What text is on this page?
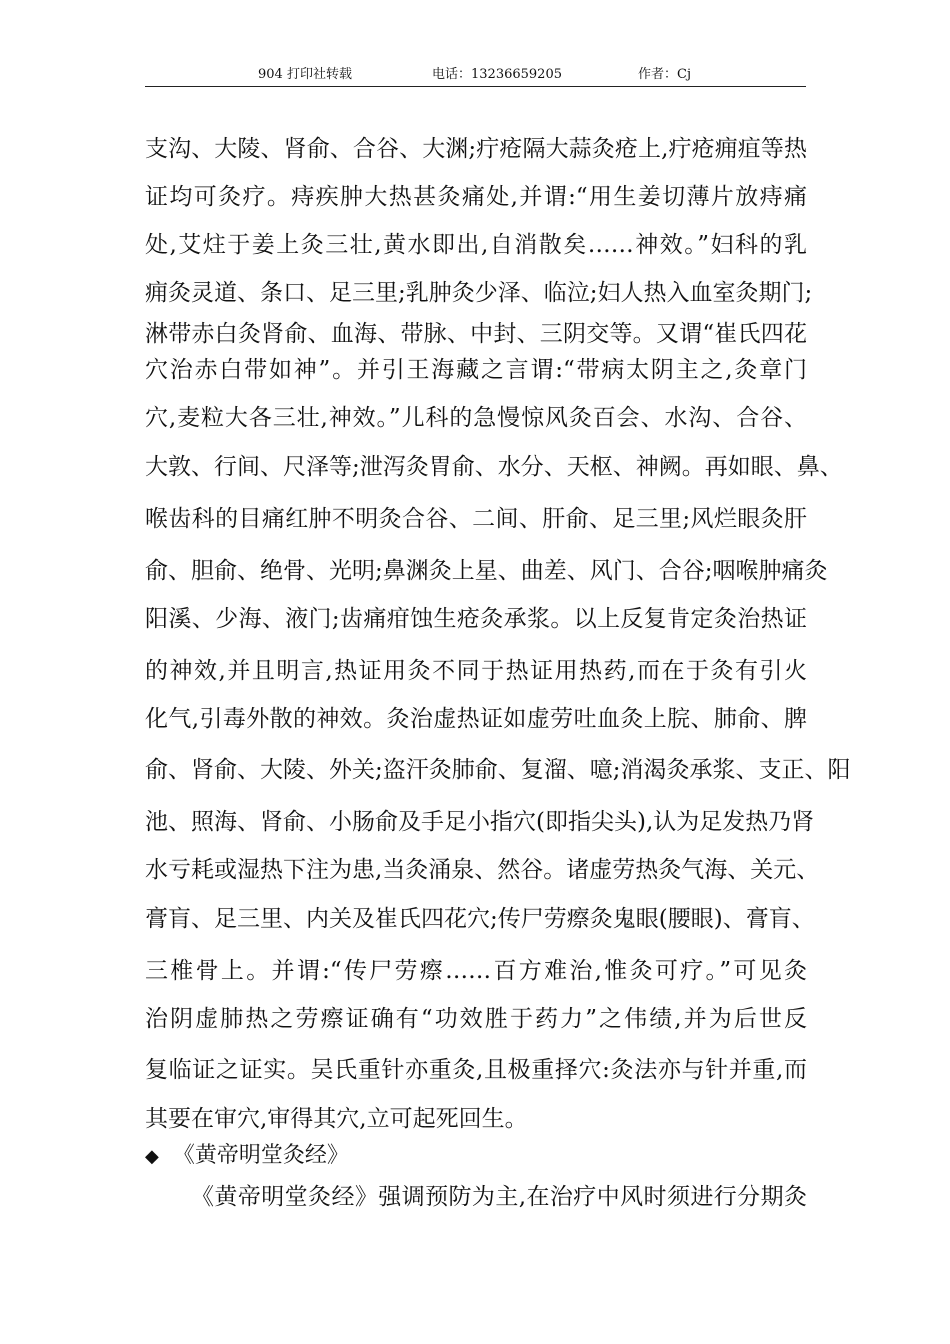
904 打印社转载	电话：13236659205	作者：Cj
支沟、大陵、肾俞、合谷、大渊;疔疮隔大蒜灸疮上,疔疮痈疽等热
证均可灸疗。痔疾肿大热甚灸痛处,并谓:“用生姜切薄片放痔痛
处,艾炷于姜上灸三壮,黄水即出,自消散矣……神效。”妇科的乳
痈灸灵道、条口、足三里;乳肿灸少泽、临泣;妇人热入血室灸期门;
淋带赤白灸肾俞、血海、带脉、中封、三阴交等。又谓“崔氏四花
穴治赤白带如神”。并引王海藏之言谓:“带病太阴主之,灸章门
穴,麦粒大各三壮,神效。”儿科的急慢惊风灸百会、水沟、合谷、
大敦、行间、尺泽等;泄泻灸胃俞、水分、天枢、神阙。再如眼、鼻、
喉齿科的目痛红肿不明灸合谷、二间、肝俞、足三里;风烂眼灸肝
俞、胆俞、绝骨、光明;鼻渊灸上星、曲差、风门、合谷;咽喉肿痛灸
阳溪、少海、液门;齿痛疳蚀生疮灸承浆。以上反复肯定灸治热证
的神效,并且明言,热证用灸不同于热证用热药,而在于灸有引火
化气,引毒外散的神效。灸治虚热证如虚劳吐血灸上脘、肺俞、脾
俞、肾俞、大陵、外关;盗汗灸肺俞、复溜、噫;消渴灸承浆、支正、阳
池、照海、肾俞、小肠俞及手足小指穴(即指尖头),认为足发热乃肾
水亏耗或湿热下注为患,当灸涌泉、然谷。诸虚劳热灸气海、关元、
膏肓、足三里、内关及崔氏四花穴;传尸劳瘵灸鬼眼(腰眼)、膏肓、
三椎骨上。并谓:“传尸劳瘵……百方难治,惟灸可疗。”可见灸
治阴虚肺热之劳瘵证确有“功效胜于药力”之伟绩,并为后世反
复临证之证实。吴氏重针亦重灸,且极重择穴:灸法亦与针并重,而
其要在审穴,审得其穴,立可起死回生。
◆ 《黄帝明堂灸经》
《黄帝明堂灸经》强调预防为主,在治疗中风时须进行分期灸
